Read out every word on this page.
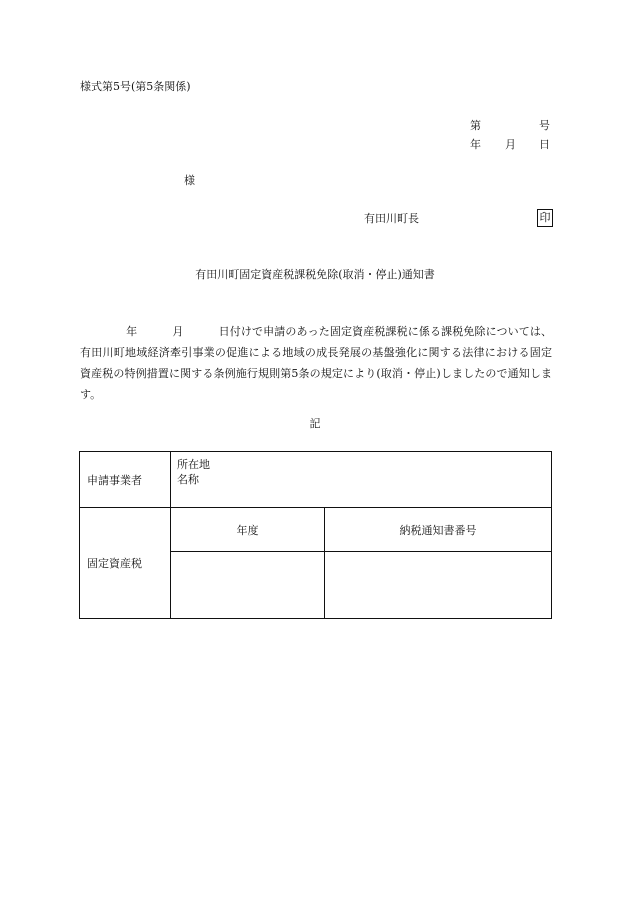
様式第5号(第5条関係)
第	号
年 月 日
様
有田川町長	印
有田川町固定資産税課税免除(取消・停止)通知書
年	月	日付けで申請のあった固定資産税課税に係る課税免除については、有田川町地域経済牽引事業の促進による地域の成長発展の基盤強化に関する法律における固定資産税の特例措置に関する条例施行規則第5条の規定により(取消・停止)しましたので通知します。
記
申請事業者	所在地
名称	

固定資産税	年度	納税通知書番号
